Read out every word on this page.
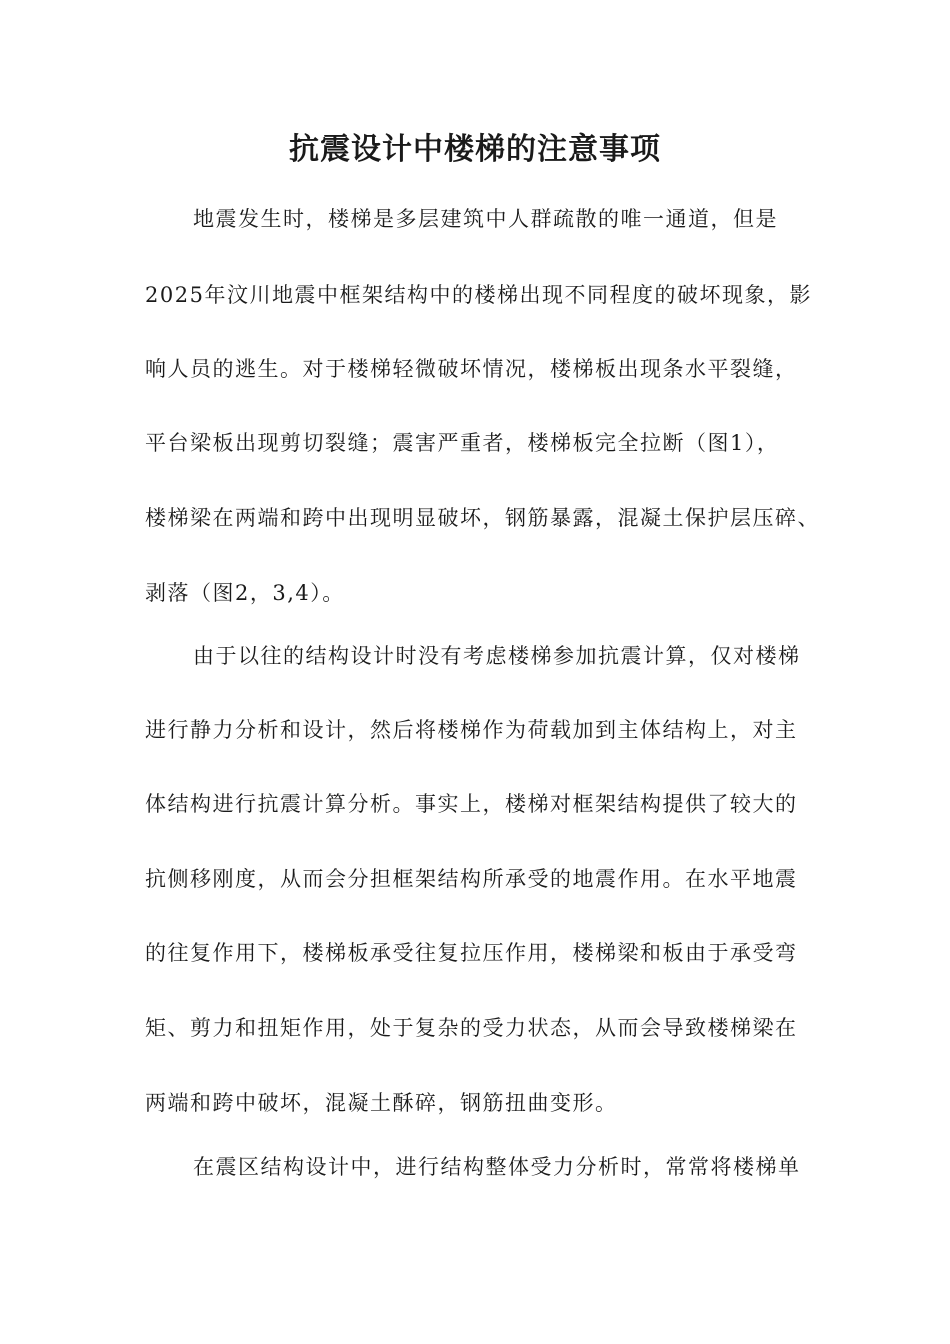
抗震设计中楼梯的注意事项

地震发生时，楼梯是多层建筑中人群疏散的唯一通道，但是

2025年汶川地震中框架结构中的楼梯出现不同程度的破坏现象，影

响人员的逃生。对于楼梯轻微破坏情况，楼梯板出现条水平裂缝，

平台梁板出现剪切裂缝；震害严重者，楼梯板完全拉断（图1），

楼梯梁在两端和跨中出现明显破坏，钢筋暴露，混凝土保护层压碎、

剥落（图2，3,4）。

由于以往的结构设计时没有考虑楼梯参加抗震计算，仅对楼梯

进行静力分析和设计，然后将楼梯作为荷载加到主体结构上，对主

体结构进行抗震计算分析。事实上，楼梯对框架结构提供了较大的

抗侧移刚度，从而会分担框架结构所承受的地震作用。在水平地震

的往复作用下，楼梯板承受往复拉压作用，楼梯梁和板由于承受弯

矩、剪力和扭矩作用，处于复杂的受力状态，从而会导致楼梯梁在

两端和跨中破坏，混凝土酥碎，钢筋扭曲变形。

在震区结构设计中，进行结构整体受力分析时，常常将楼梯单
